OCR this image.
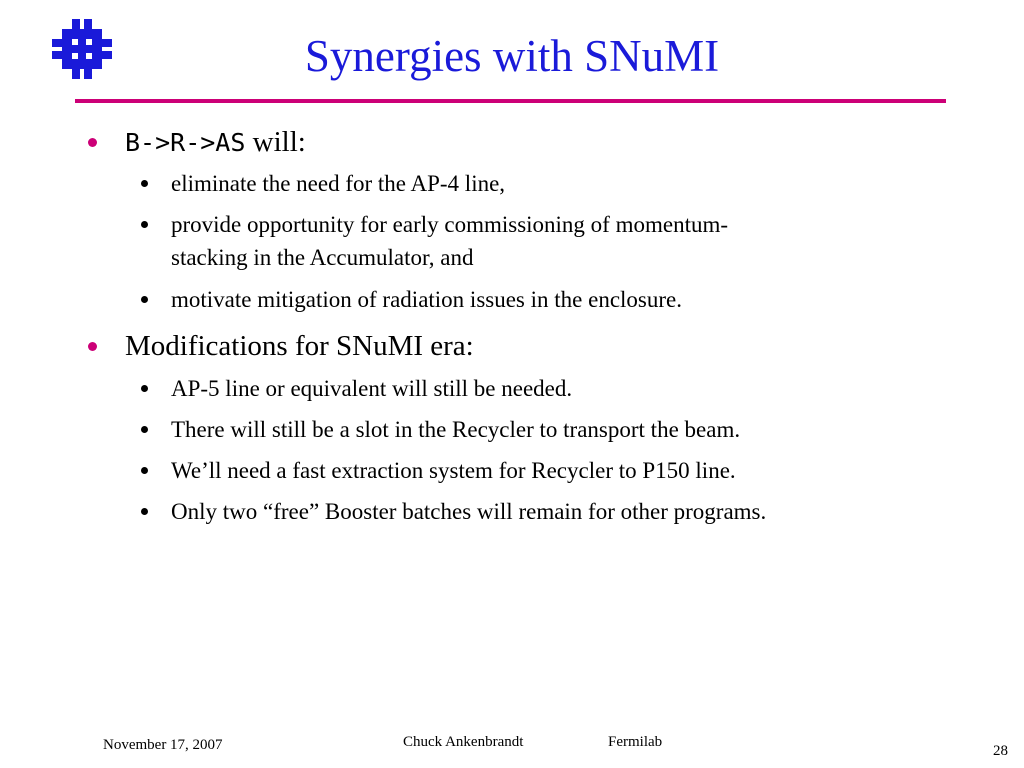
Synergies with SNuMI
B->R->AS will:
eliminate the need for the AP-4 line,
provide opportunity for early commissioning of momentum-
stacking in the Accumulator, and
motivate mitigation of radiation issues in the enclosure.
Modifications for SNuMI era:
AP-5 line or equivalent will still be needed.
There will still be a slot in the Recycler to transport the beam.
We’ll need a fast extraction system for Recycler to P150 line.
Only two “free” Booster batches will remain for other programs.
November 17, 2007	Chuck Ankenbrandt	Fermilab
28
